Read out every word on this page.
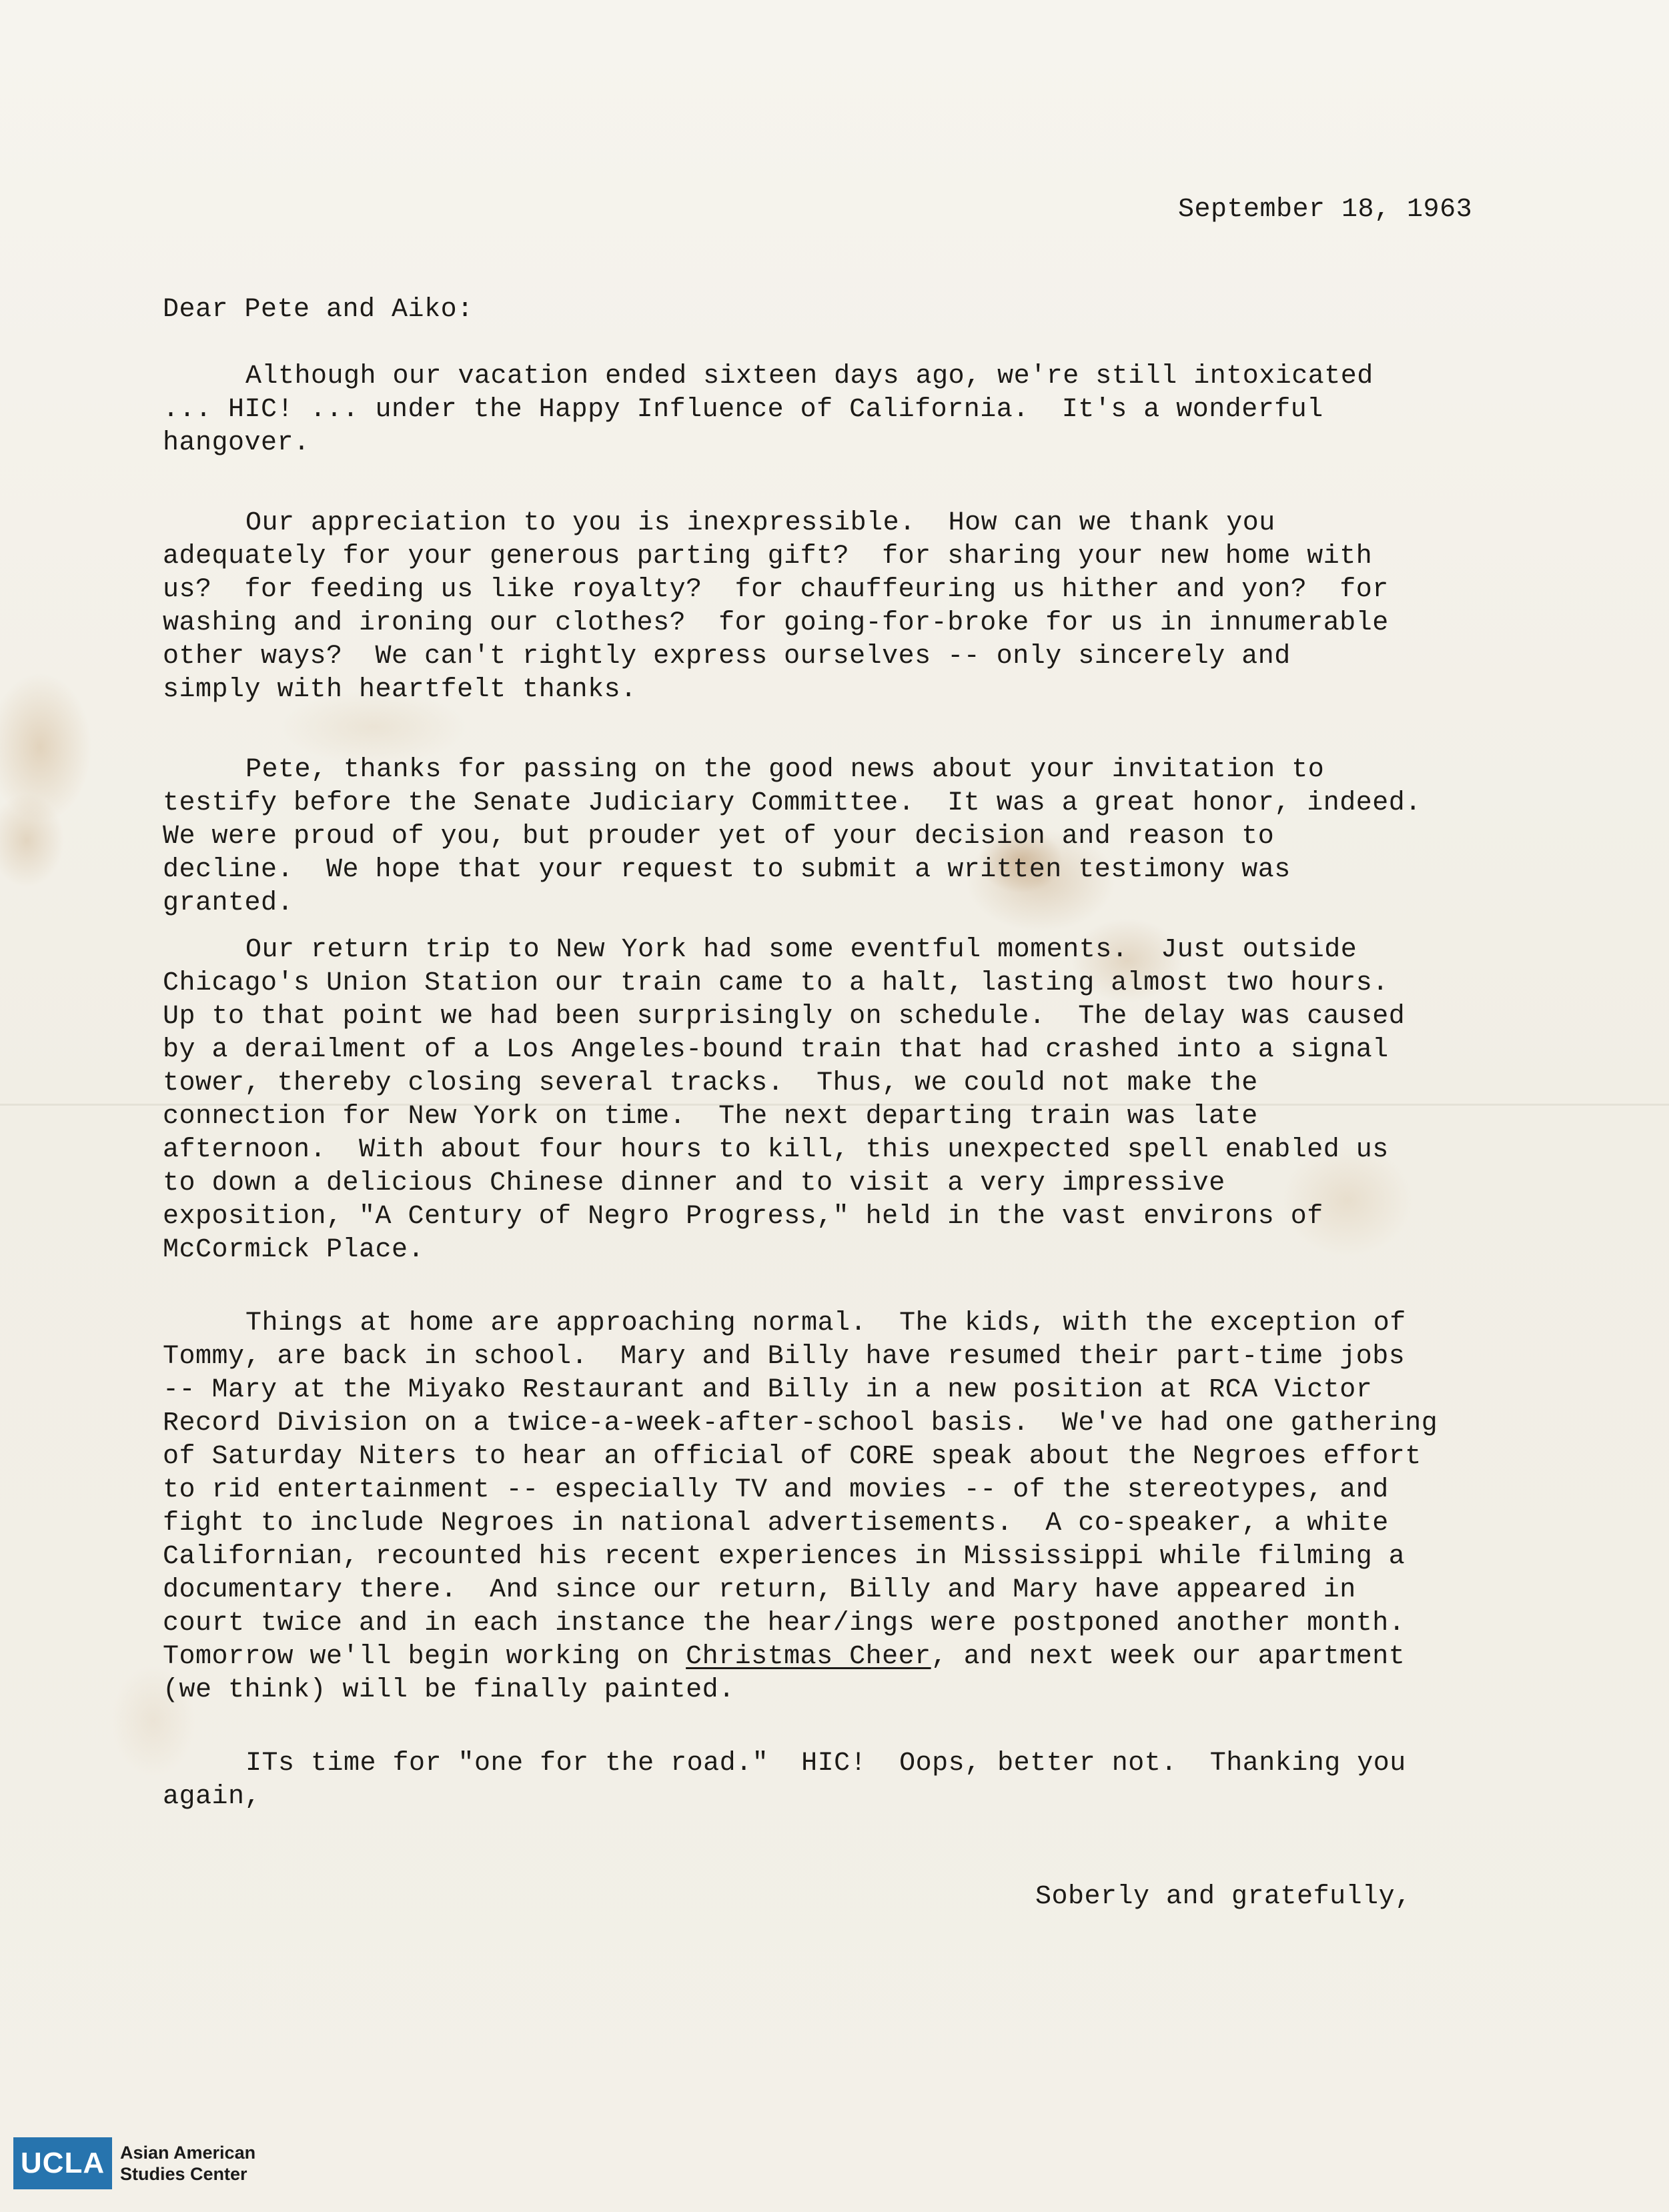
September 18, 1963
Dear Pete and Aiko:
Although our vacation ended sixteen days ago, we're still intoxicated
... HIC! ... under the Happy Influence of California.  It's a wonderful
hangover.
Our appreciation to you is inexpressible.  How can we thank you
adequately for your generous parting gift?  for sharing your new home with
us?  for feeding us like royalty?  for chauffeuring us hither and yon?  for
washing and ironing our clothes?  for going-for-broke for us in innumerable
other ways?  We can't rightly express ourselves -- only sincerely and
simply with heartfelt thanks.
Pete, thanks for passing on the good news about your invitation to
testify before the Senate Judiciary Committee.  It was a great honor, indeed.
We were proud of you, but prouder yet of your decision and reason to
decline.  We hope that your request to submit a written testimony was
granted.
Our return trip to New York had some eventful moments.  Just outside
Chicago's Union Station our train came to a halt, lasting almost two hours.
Up to that point we had been surprisingly on schedule.  The delay was caused
by a derailment of a Los Angeles-bound train that had crashed into a signal
tower, thereby closing several tracks.  Thus, we could not make the
connection for New York on time.  The next departing train was late
afternoon.  With about four hours to kill, this unexpected spell enabled us
to down a delicious Chinese dinner and to visit a very impressive
exposition, "A Century of Negro Progress," held in the vast environs of
McCormick Place.
Things at home are approaching normal.  The kids, with the exception of
Tommy, are back in school.  Mary and Billy have resumed their part-time jobs
-- Mary at the Miyako Restaurant and Billy in a new position at RCA Victor
Record Division on a twice-a-week-after-school basis.  We've had one gathering
of Saturday Niters to hear an official of CORE speak about the Negroes effort
to rid entertainment -- especially TV and movies -- of the stereotypes, and
fight to include Negroes in national advertisements.  A co-speaker, a white
Californian, recounted his recent experiences in Mississippi while filming a
documentary there.  And since our return, Billy and Mary have appeared in
court twice and in each instance the hear/ings were postponed another month.
Tomorrow we'll begin working on Christmas Cheer, and next week our apartment
(we think) will be finally painted.
ITs time for "one for the road."  HIC!  Oops, better not.  Thanking you
again,
Soberly and gratefully,
UCLA Asian American
Studies Center
